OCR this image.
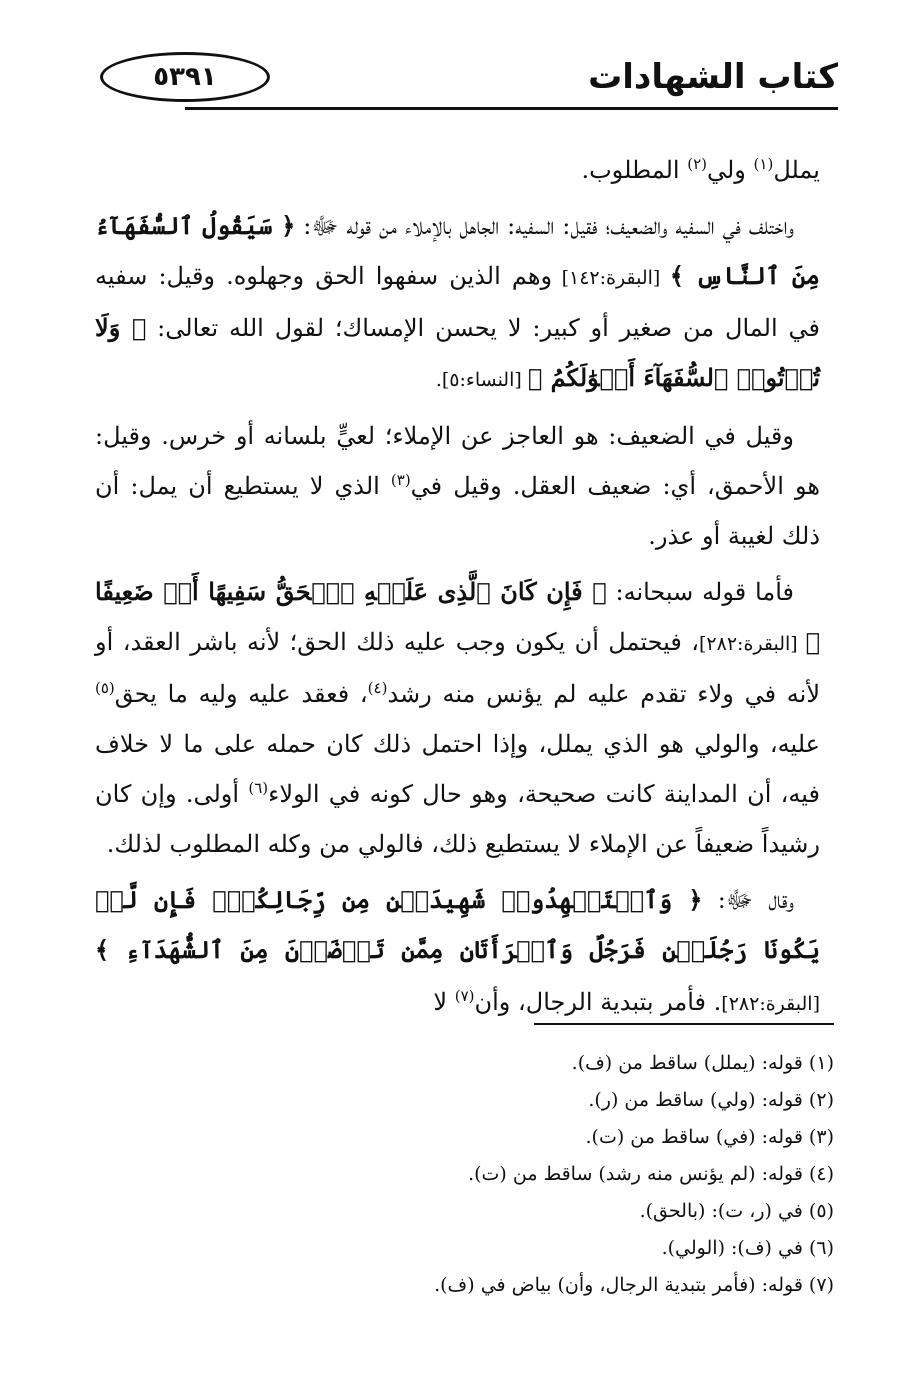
كتاب الشهادات
٥٣٩١

يملل$^{(١)}$ ولي$^{(٢)}$ المطلوب.

واختلف في السفيه والضعيف؛ فقيل: السفيه: الجاهل بالإملاء من قوله ﷻ: ﴿ سَيَقُولُ ٱلسُّفَهَآءُ مِنَ ٱلنَّاسِ ﴾ [البقرة:١٤٢] وهم الذين سفهوا الحق وجهلوه. وقيل: سفيه في المال من صغير أو كبير: لا يحسن الإمساك؛ لقول الله تعالى: ﴿ وَلَا تُؤۡتُوا۟ ٱلسُّفَهَآءَ أَمۡوَٰلَكُمُ ﴾ [النساء:٥].

وقيل في الضعيف: هو العاجز عن الإملاء؛ لعيٍّ بلسانه أو خرس. وقيل: هو الأحمق، أي: ضعيف العقل. وقيل في$^{(٣)}$ الذي لا يستطيع أن يمل: أن ذلك لغيبة أو عذر.

فأما قوله سبحانه: ﴿ فَإِن كَانَ ٱلَّذِى عَلَيۡهِ ٱلۡحَقُّ سَفِيهًا أَوۡ ضَعِيفًا ﴾ [البقرة:٢٨٢]، فيحتمل أن يكون وجب عليه ذلك الحق؛ لأنه باشر العقد، أو لأنه في ولاء تقدم عليه لم يؤنس منه رشد$^{(٤)}$، فعقد عليه وليه ما يحق$^{(٥)}$ عليه، والولي هو الذي يملل، وإذا احتمل ذلك كان حمله على ما لا خلاف فيه، أن المداينة كانت صحيحة، وهو حال كونه في الولاء$^{(٦)}$ أولى. وإن كان رشيداً ضعيفاً عن الإملاء لا يستطيع ذلك، فالولي من وكله المطلوب لذلك.

وقال ﷻ: ﴿ وَٱسۡتَشۡهِدُوا۟ شَهِيدَيۡنِ مِن رِّجَالِكُمۡۖ فَإِن لَّمۡ يَكُونَا رَجُلَيۡنِ فَرَجُلٌ وَٱمۡرَأَتَانِ مِمَّن تَرۡضَوۡنَ مِنَ ٱلشُّهَدَآءِ ﴾ [البقرة:٢٨٢]. فأمر بتبدية الرجال، وأن$^{(٧)}$ لا

(١) قوله: (يملل) ساقط من (ف).

(٢) قوله: (ولي) ساقط من (ر).

(٣) قوله: (في) ساقط من (ت).

(٤) قوله: (لم يؤنس منه رشد) ساقط من (ت).

(٥) في (ر، ت): (بالحق).

(٦) في (ف): (الولي).

(٧) قوله: (فأمر بتبدية الرجال، وأن) بياض في (ف).
